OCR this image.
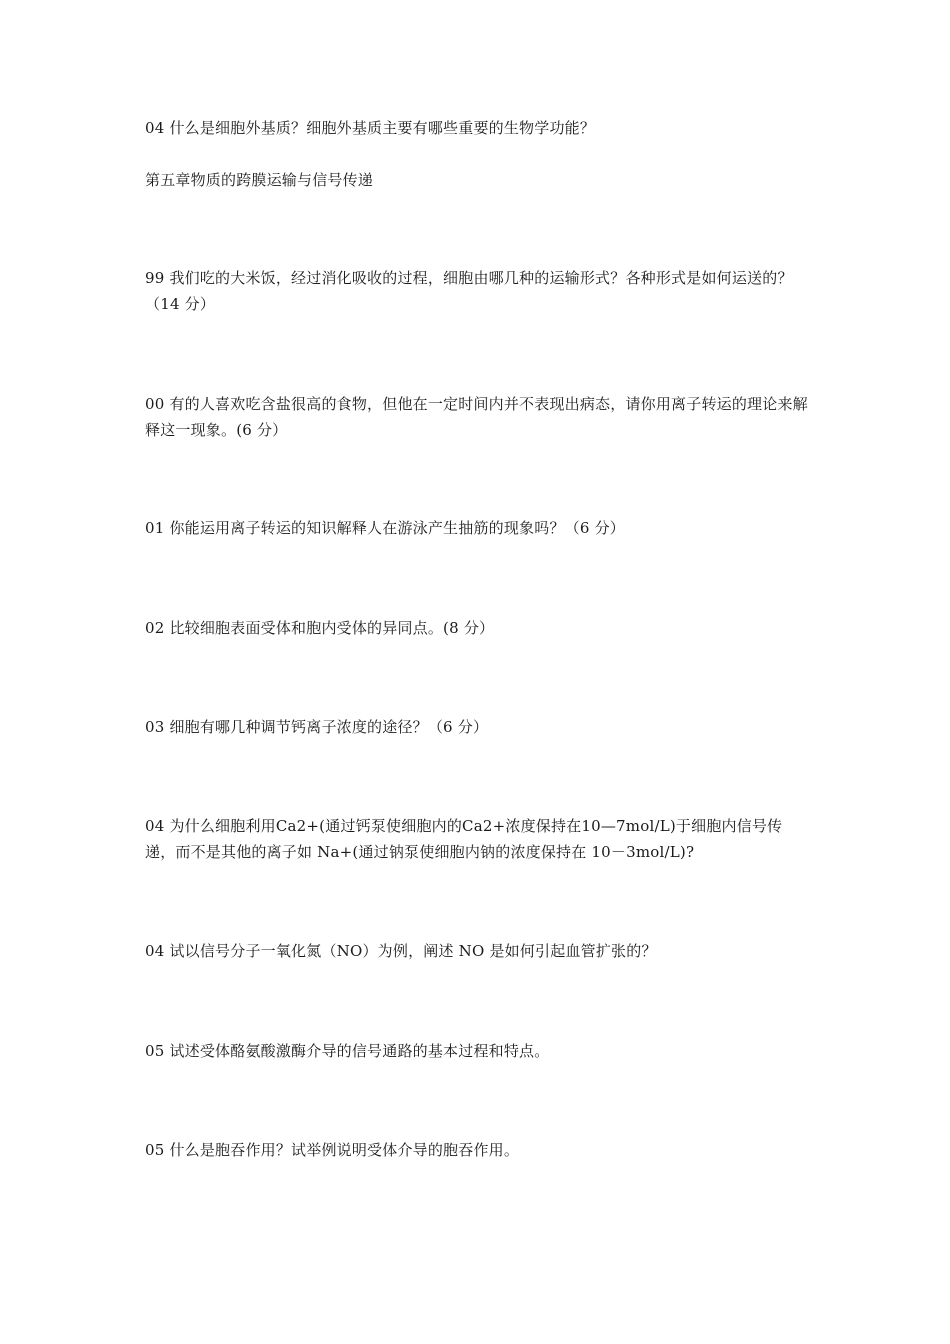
04 什么是细胞外基质？细胞外基质主要有哪些重要的生物学功能？
第五章物质的跨膜运输与信号传递
99 我们吃的大米饭，经过消化吸收的过程，细胞由哪几种的运输形式？各种形式是如何运送的？（14 分）
00 有的人喜欢吃含盐很高的食物，但他在一定时间内并不表现出病态，请你用离子转运的理论来解释这一现象。(6 分）
01 你能运用离子转运的知识解释人在游泳产生抽筋的现象吗？（6 分）
02 比较细胞表面受体和胞内受体的异同点。(8 分）
03 细胞有哪几种调节钙离子浓度的途径？（6 分）
04 为什么细胞利用Ca2+(通过钙泵使细胞内的Ca2+浓度保持在10—7mol/L)于细胞内信号传递，而不是其他的离子如 Na+(通过钠泵使细胞内钠的浓度保持在 10－3mol/L)?
04 试以信号分子一氧化氮（NO）为例，阐述 NO 是如何引起血管扩张的？
05 试述受体酪氨酸激酶介导的信号通路的基本过程和特点。
05 什么是胞吞作用？试举例说明受体介导的胞吞作用。
